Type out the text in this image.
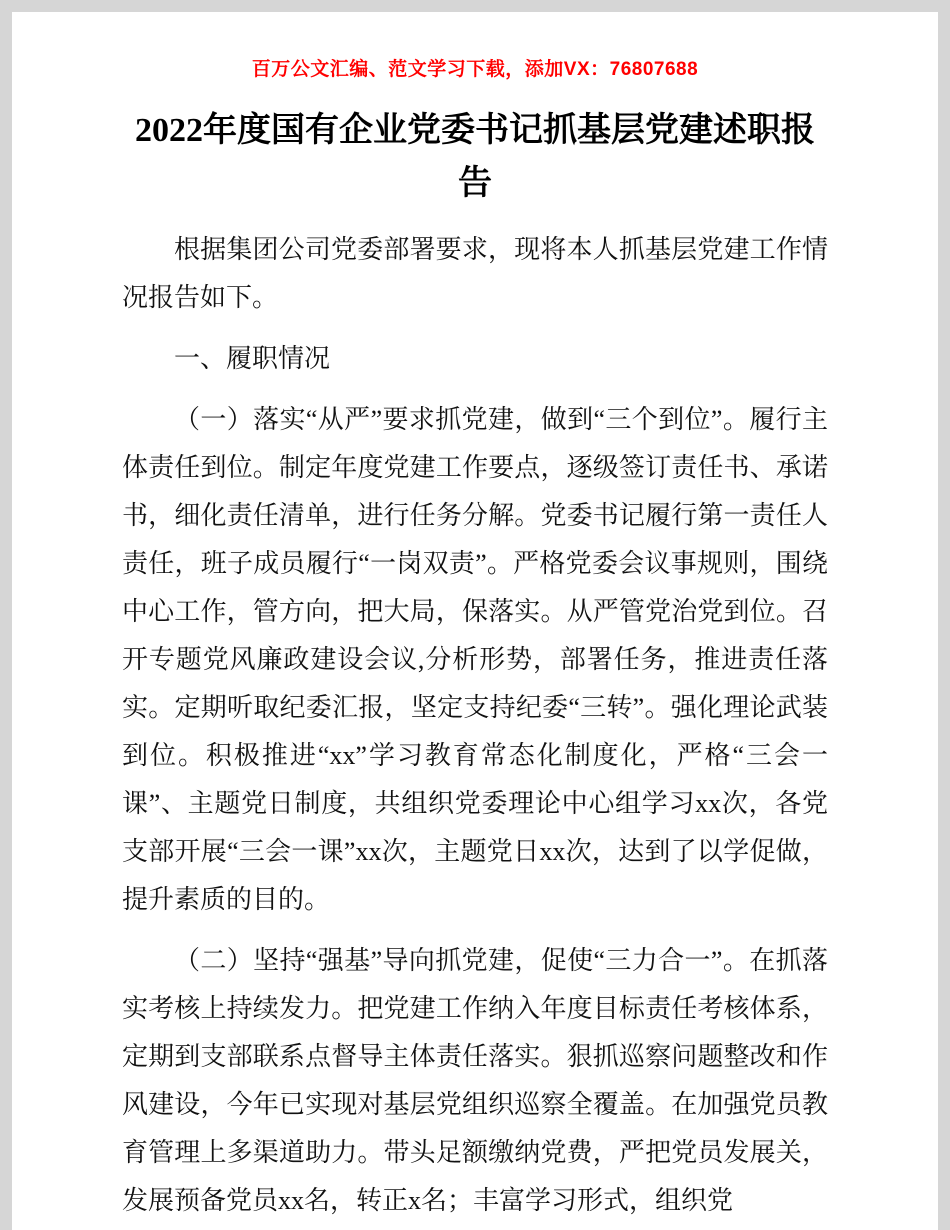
百万公文汇编、范文学习下载，添加VX：76807688
2022年度国有企业党委书记抓基层党建述职报告

根据集团公司党委部署要求，现将本人抓基层党建工作情况报告如下。

一、履职情况

（一）落实“从严”要求抓党建，做到“三个到位”。履行主体责任到位。制定年度党建工作要点，逐级签订责任书、承诺书，细化责任清单，进行任务分解。党委书记履行第一责任人责任，班子成员履行“一岗双责”。严格党委会议事规则，围绕中心工作，管方向，把大局，保落实。从严管党治党到位。召开专题党风廉政建设会议,分析形势，部署任务，推进责任落实。定期听取纪委汇报，坚定支持纪委“三转”。强化理论武装到位。积极推进“xx”学习教育常态化制度化，严格“三会一课”、主题党日制度，共组织党委理论中心组学习xx次，各党支部开展“三会一课”xx次，主题党日xx次，达到了以学促做，提升素质的目的。

（二）坚持“强基”导向抓党建，促使“三力合一”。在抓落实考核上持续发力。把党建工作纳入年度目标责任考核体系，定期到支部联系点督导主体责任落实。狠抓巡察问题整改和作风建设，今年已实现对基层党组织巡察全覆盖。在加强党员教育管理上多渠道助力。带头足额缴纳党费，严把党员发展关，发展预备党员xx名，转正x名；丰富学习形式，组织党
